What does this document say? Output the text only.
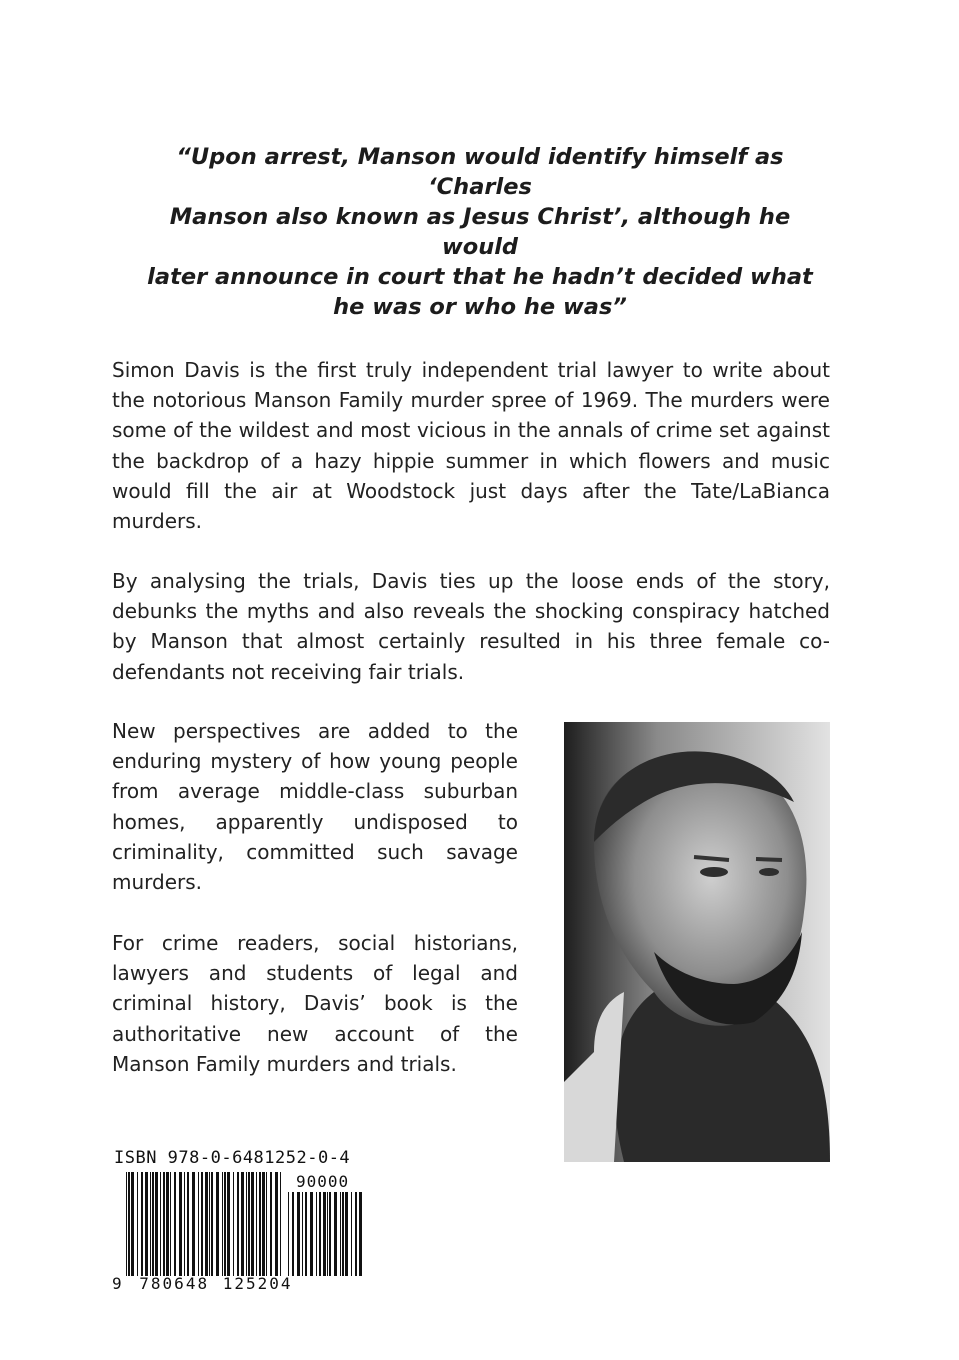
“Upon arrest, Manson would identify himself as ‘Charles
Manson also known as Jesus Christ’, although he would
later announce in court that he hadn’t decided what
he was or who he was”

Simon Davis is the first truly independent trial lawyer to write about the notorious Manson Family murder spree of 1969. The murders were some of the wildest and most vicious in the annals of crime set against the backdrop of a hazy hippie summer in which flowers and music would fill the air at Woodstock just days after the Tate/LaBianca murders.

By analysing the trials, Davis ties up the loose ends of the story, debunks the myths and also reveals the shocking conspiracy hatched by Manson that almost certainly resulted in his three female co-defendants not receiving fair trials.

New perspectives are added to the enduring mystery of how young people from average middle-class suburban homes, apparently undisposed to criminality, committed such savage murders.

For crime readers, social historians, lawyers and students of legal and criminal history, Davis’ book is the authoritative new account of the Manson Family murders and trials.

ISBN 978-0-6481252-0-4
90000
9 780648 125204
